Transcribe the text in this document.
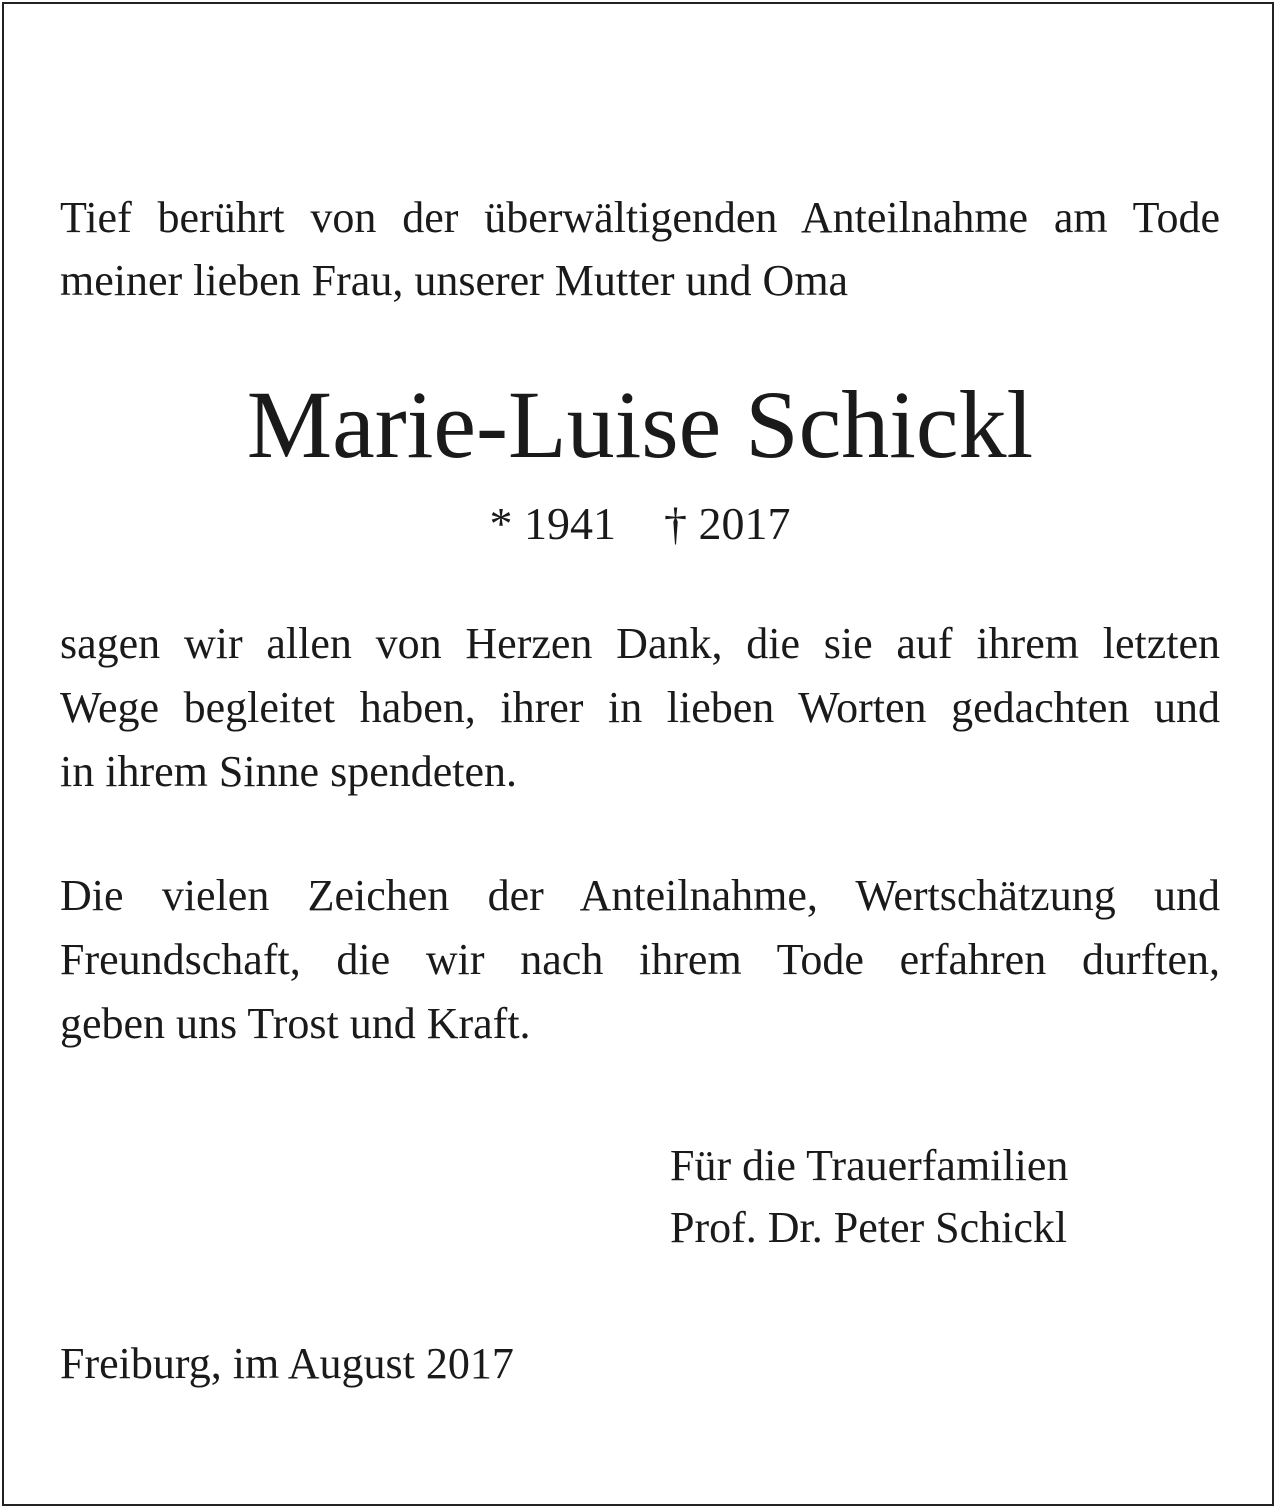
Tief berührt von der überwältigenden Anteilnahme am Tode
meiner lieben Frau, unserer Mutter und Oma
Marie-Luise Schickl
* 1941 † 2017
sagen wir allen von Herzen Dank, die sie auf ihrem letzten
Wege begleitet haben, ihrer in lieben Worten gedachten und
in ihrem Sinne spendeten.
Die vielen Zeichen der Anteilnahme, Wertschätzung und
Freundschaft, die wir nach ihrem Tode erfahren durften,
geben uns Trost und Kraft.
Für die Trauerfamilien
Prof. Dr. Peter Schickl
Freiburg, im August 2017
